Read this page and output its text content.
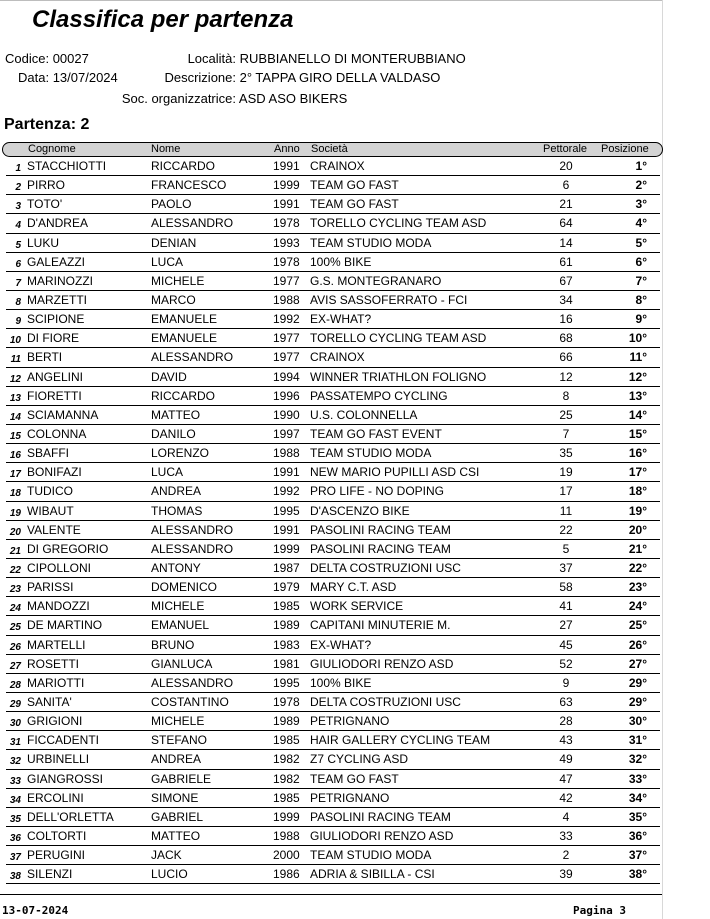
Classifica per partenza
Codice: 00027
Data: 13/07/2024
Località: RUBBIANELLO DI MONTERUBBIANO
Descrizione: 2° TAPPA GIRO DELLA VALDASO
Soc. organizzatrice: ASD ASO BIKERS
Partenza: 2
Cognome	Nome	Anno Società	Pettorale Posizione
1 STACCHIOTTI	RICCARDO	1991 CRAINOX	20	1°
2 PIRRO	FRANCESCO	1999 TEAM GO FAST	6	2°
3 TOTO'	PAOLO	1991 TEAM GO FAST	21	3°
4 D'ANDREA	ALESSANDRO	1978 TORELLO CYCLING TEAM ASD	64	4°
5 LUKU	DENIAN	1993 TEAM STUDIO MODA	14	5°
6 GALEAZZI	LUCA	1978 100% BIKE	61	6°
7 MARINOZZI	MICHELE	1977 G.S. MONTEGRANARO	67	7°
8 MARZETTI	MARCO	1988 AVIS SASSOFERRATO - FCI	34	8°
9 SCIPIONE	EMANUELE	1992 EX-WHAT?	16	9°
10 DI FIORE	EMANUELE	1977 TORELLO CYCLING TEAM ASD	68	10°
11 BERTI	ALESSANDRO	1977 CRAINOX	66	11°
12 ANGELINI	DAVID	1994 WINNER TRIATHLON FOLIGNO	12	12°
13 FIORETTI	RICCARDO	1996 PASSATEMPO CYCLING	8	13°
14 SCIAMANNA	MATTEO	1990 U.S. COLONNELLA	25	14°
15 COLONNA	DANILO	1997 TEAM GO FAST EVENT	7	15°
16 SBAFFI	LORENZO	1988 TEAM STUDIO MODA	35	16°
17 BONIFAZI	LUCA	1991 NEW MARIO PUPILLI ASD CSI	19	17°
18 TUDICO	ANDREA	1992 PRO LIFE - NO DOPING	17	18°
19 WIBAUT	THOMAS	1995 D'ASCENZO BIKE	11	19°
20 VALENTE	ALESSANDRO	1991 PASOLINI RACING TEAM	22	20°
21 DI GREGORIO	ALESSANDRO	1999 PASOLINI RACING TEAM	5	21°
22 CIPOLLONI	ANTONY	1987 DELTA COSTRUZIONI USC	37	22°
23 PARISSI	DOMENICO	1979 MARY C.T. ASD	58	23°
24 MANDOZZI	MICHELE	1985 WORK SERVICE	41	24°
25 DE MARTINO	EMANUEL	1989 CAPITANI MINUTERIE M.	27	25°
26 MARTELLI	BRUNO	1983 EX-WHAT?	45	26°
27 ROSETTI	GIANLUCA	1981 GIULIODORI RENZO ASD	52	27°
28 MARIOTTI	ALESSANDRO	1995 100% BIKE	9	29°
29 SANITA'	COSTANTINO	1978 DELTA COSTRUZIONI USC	63	29°
30 GRIGIONI	MICHELE	1989 PETRIGNANO	28	30°
31 FICCADENTI	STEFANO	1985 HAIR GALLERY CYCLING TEAM	43	31°
32 URBINELLI	ANDREA	1982 Z7 CYCLING ASD	49	32°
33 GIANGROSSI	GABRIELE	1982 TEAM GO FAST	47	33°
34 ERCOLINI	SIMONE	1985 PETRIGNANO	42	34°
35 DELL'ORLETTA	GABRIEL	1999 PASOLINI RACING TEAM	4	35°
36 COLTORTI	MATTEO	1988 GIULIODORI RENZO ASD	33	36°
37 PERUGINI	JACK	2000 TEAM STUDIO MODA	2	37°
38 SILENZI	LUCIO	1986 ADRIA & SIBILLA - CSI	39	38°
13-07-2024	Pagina 3
